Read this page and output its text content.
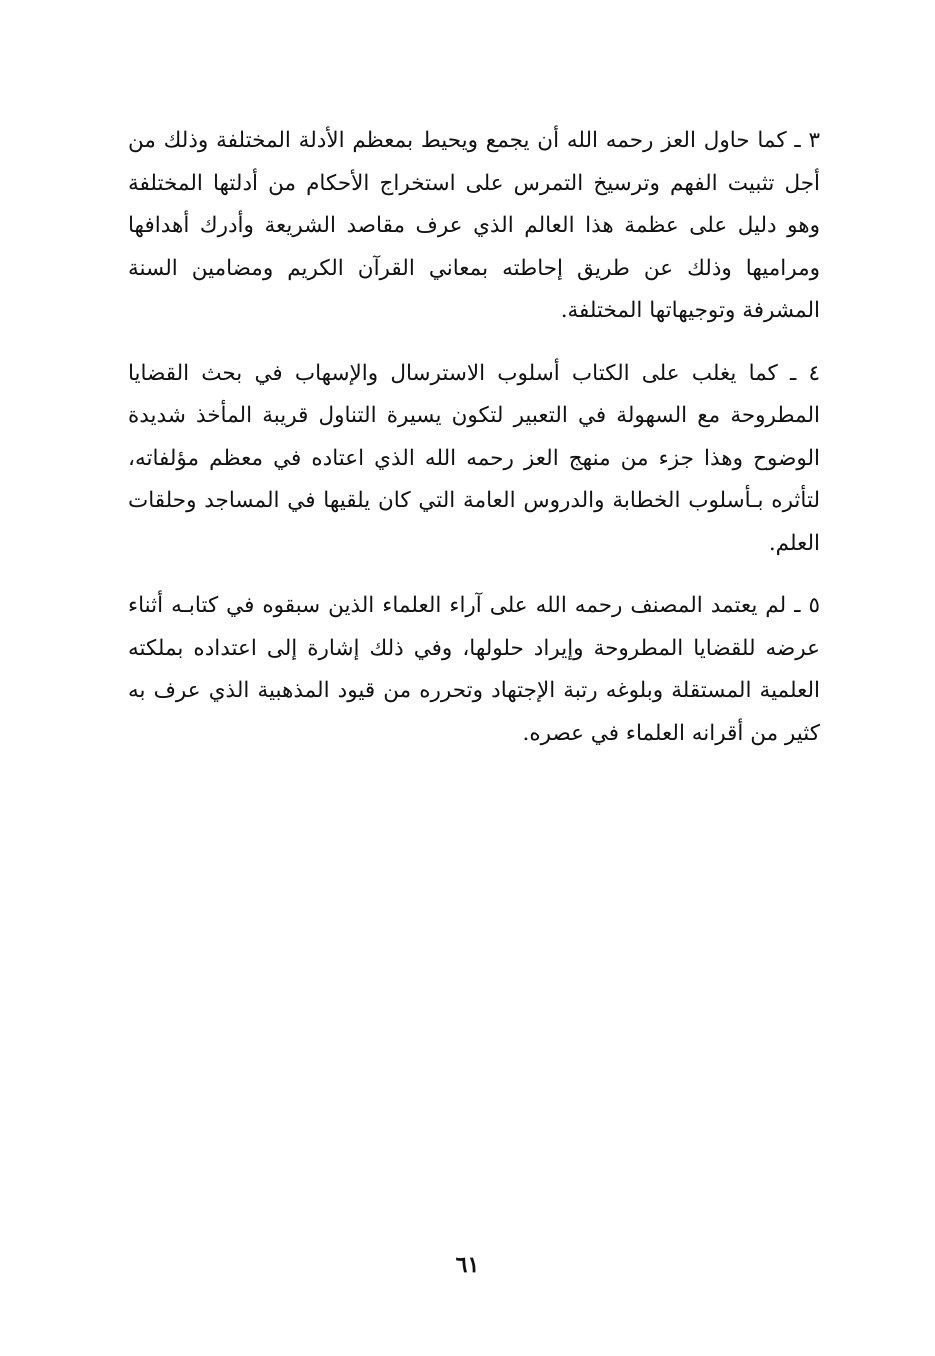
٣ ـ كما حاول العز رحمه الله أن يجمع ويحيط بمعظم الأدلة المختلفة وذلك من أجل تثبيت الفهم وترسيخ التمرس على استخراج الأحكام من أدلتها المختلفة وهو دليل على عظمة هذا العالم الذي عرف مقاصد الشريعة وأدرك أهدافها ومراميها وذلك عن طريق إحاطته بمعاني القرآن الكريم ومضامين السنة المشرفة وتوجيهاتها المختلفة.

٤ ـ كما يغلب على الكتاب أسلوب الاسترسال والإسهاب في بحث القضايا المطروحة مع السهولة في التعبير لتكون يسيرة التناول قريبة المأخذ شديدة الوضوح وهذا جزء من منهج العز رحمه الله الذي اعتاده في معظم مؤلفاته، لتأثره بـأسلوب الخطابة والدروس العامة التي كان يلقيها في المساجد وحلقات العلم.

٥ ـ لم يعتمد المصنف رحمه الله على آراء العلماء الذين سبقوه في كتابـه أثناء عرضه للقضايا المطروحة وإيراد حلولها، وفي ذلك إشارة إلى اعتداده بملكته العلمية المستقلة وبلوغه رتبة الإجتهاد وتحرره من قيود المذهبية الذي عرف به كثير من أقرانه العلماء في عصره.

٦١
